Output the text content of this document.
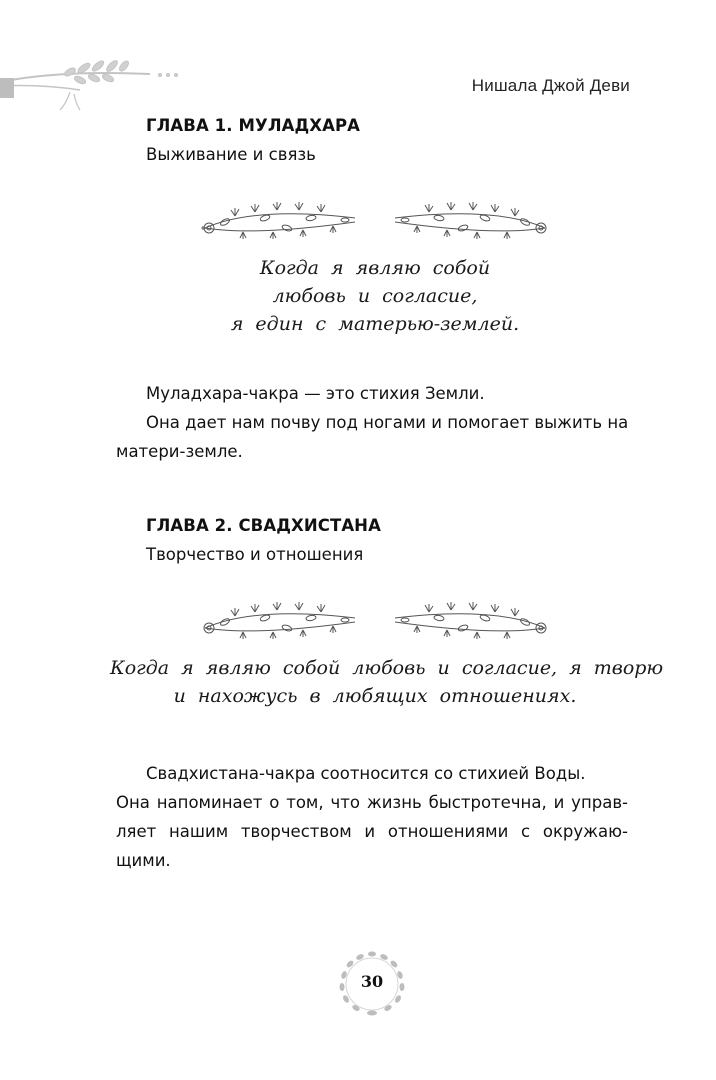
Нишала Джой Деви
ГЛАВА 1. МУЛАДХАРА
Выживание и связь
Когда я являю собой
любовь и согласие,
я един с матерью-землей.
Муладхара-чакра — это стихия Земли.
Она дает нам почву под ногами и помогает выжить на
матери-земле.
ГЛАВА 2. СВАДХИСТАНА
Творчество и отношения
Когда я являю собой любовь и согласие, я творю
и нахожусь в любящих отношениях.
Свадхистана-чакра соотносится со стихией Воды.
Она напоминает о том, что жизнь быстротечна, и управ-
ляет нашим творчеством и отношениями с окружаю-
щими.
30
